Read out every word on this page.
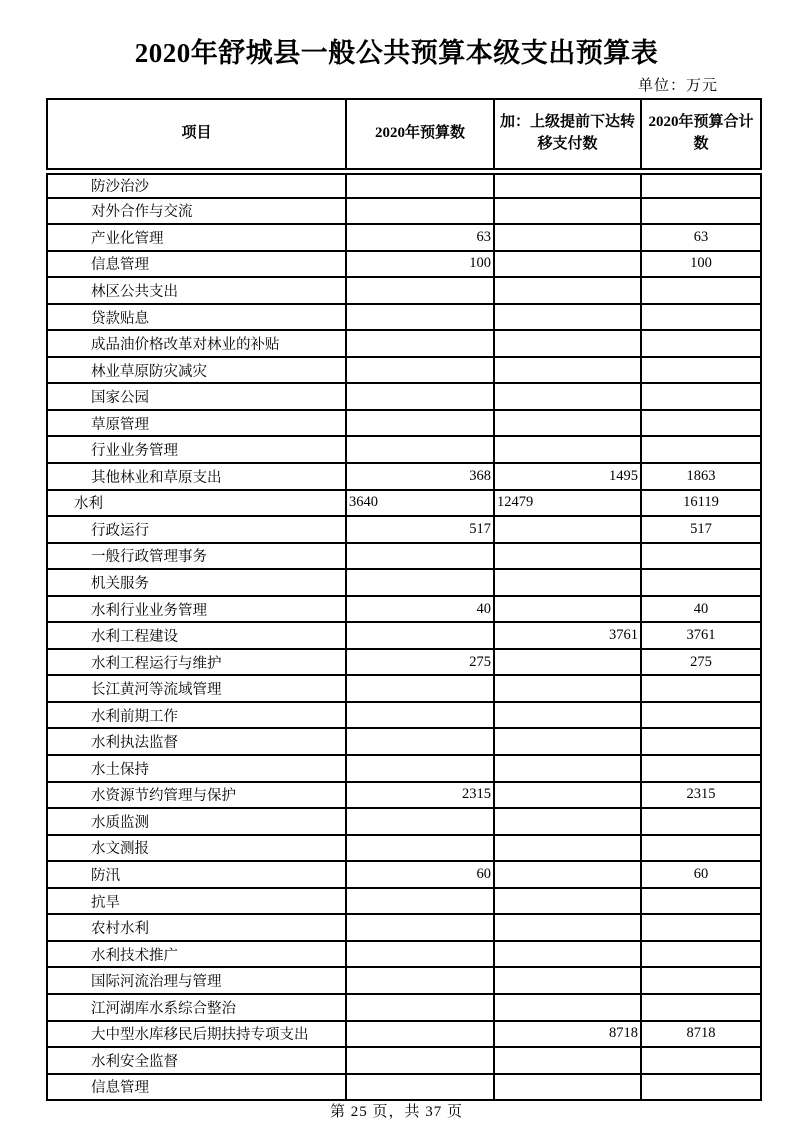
2020年舒城县一般公共预算本级支出预算表
单位：万元
项目	2020年预算数	加：上级提前下达转移支付数	2020年预算合计数
防沙治沙			
对外合作与交流			
产业化管理	63		63
信息管理	100		100
林区公共支出			
贷款贴息			
成品油价格改革对林业的补贴			
林业草原防灾减灾			
国家公园			
草原管理			
行业业务管理			
其他林业和草原支出	368	1495	1863
水利	3640	12479	16119
行政运行	517		517
一般行政管理事务			
机关服务			
水利行业业务管理	40		40
水利工程建设		3761	3761
水利工程运行与维护	275		275
长江黄河等流域管理			
水利前期工作			
水利执法监督			
水土保持			
水资源节约管理与保护	2315		2315
水质监测			
水文测报			
防汛	60		60
抗旱			
农村水利			
水利技术推广			
国际河流治理与管理			
江河湖库水系综合整治			
大中型水库移民后期扶持专项支出		8718	8718
水利安全监督			
信息管理			
第 25 页，共 37 页
